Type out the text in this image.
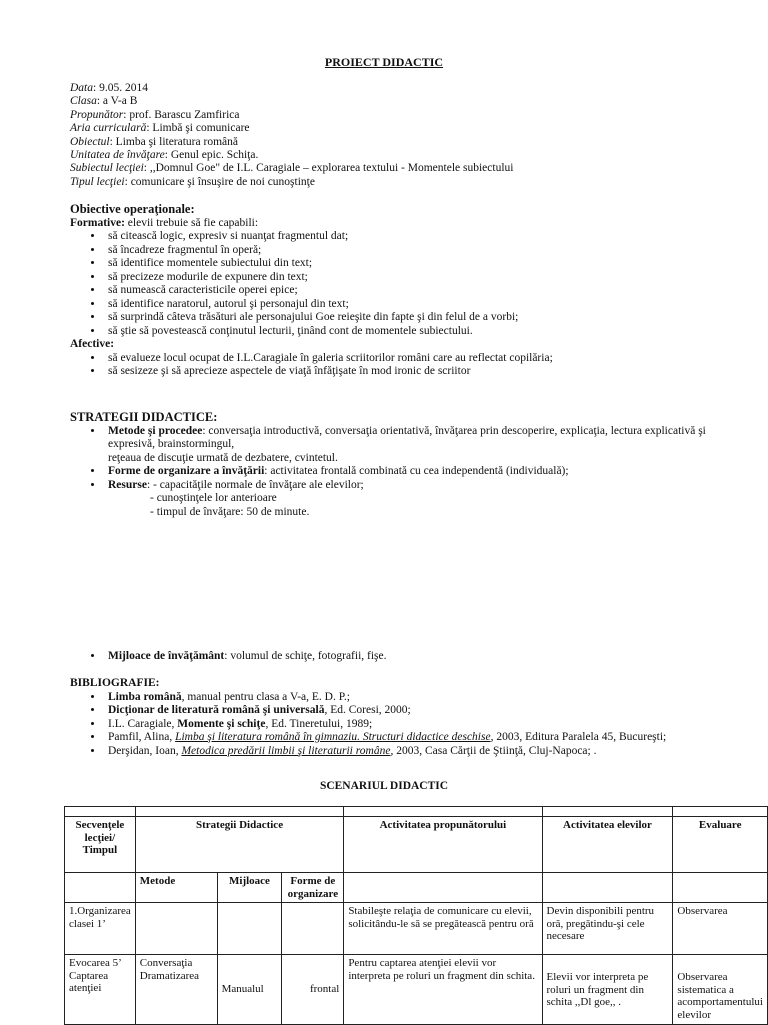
PROIECT DIDACTIC
Data: 9.05. 2014
Clasa: a V-a B
Propunător: prof. Barascu Zamfirica
Aria curriculară: Limbă şi comunicare
Obiectul: Limba şi literatura română
Unitatea de învăţare: Genul epic. Schiţa.
Subiectul lecţiei: ,,Domnul Goe" de I.L. Caragiale – explorarea textului - Momentele subiectului
Tipul lecţiei: comunicare şi însuşire de noi cunoştinţe
Obiective operaţionale:
Formative: elevii trebuie să fie capabili:
• să citească logic, expresiv si nuanţat fragmentul dat;
• să încadreze fragmentul în operă;
• să identifice momentele subiectului din text;
• să precizeze modurile de expunere din text;
• să numească caracteristicile operei epice;
• să identifice naratorul, autorul şi personajul din text;
• să surprindă câteva trăsături ale personajului Goe reieşite din fapte şi din felul de a vorbi;
• să ştie să povestească conţinutul lecturii, ţinând cont de momentele subiectului.
Afective:
• să evalueze locul ocupat de I.L.Caragiale în galeria scriitorilor români care au reflectat copilăria;
• să sesizeze şi să aprecieze aspectele de viaţă înfăţişate în mod ironic de scriitor
STRATEGII DIDACTICE:
• Metode şi procedee: conversaţia introductivă, conversaţia orientativă, învăţarea prin descoperire, explicaţia, lectura explicativă şi expresivă, brainstormingul,
reţeaua de discuţie urmată de dezbatere, cvintetul.
• Forme de organizare a învăţării: activitatea frontală combinată cu cea independentă (individuală);
• Resurse: - capacităţile normale de învăţare ale elevilor;
- cunoştinţele lor anterioare
- timpul de învăţare: 50 de minute.
• Mijloace de învăţământ: volumul de schiţe, fotografii, fişe.
BIBLIOGRAFIE:
• Limba română, manual pentru clasa a V-a, E. D. P.;
• Dicţionar de literatură română şi universală, Ed. Coresi, 2000;
• I.L. Caragiale, Momente şi schiţe, Ed. Tineretului, 1989;
• Pamfil, Alina, Limba şi literatura română în gimnaziu. Structuri didactice deschise, 2003, Editura Paralela 45, Bucureşti;
• Derşidan, Ioan, Metodica predării limbii şi literaturii române, 2003, Casa Cărţii de Ştiinţă, Cluj-Napoca; .
SCENARIUL DIDACTIC

Secvenţele lecţiei/ Timpul	Strategii Didactice			Activitatea propunătorului	Activitatea elevilor	Evaluare
	Metode	Mijloace	Forme de organizare			
1.Organizarea clasei 1’				Stabileşte relaţia de comunicare cu elevii, solicitându-le să se pregătească pentru oră	Devin disponibili pentru oră, pregătindu-şi cele necesare	Observarea
Evocarea 5’ Captarea atenţiei	Conversaţia Dramatizarea	Manualul	frontal	Pentru captarea atenţiei elevii vor interpreta pe roluri un fragment din schita.	Elevii vor interpreta pe roluri un fragment din schita ,,Dl goe,, .	Observarea sistematica a acomportamentului elevilor
